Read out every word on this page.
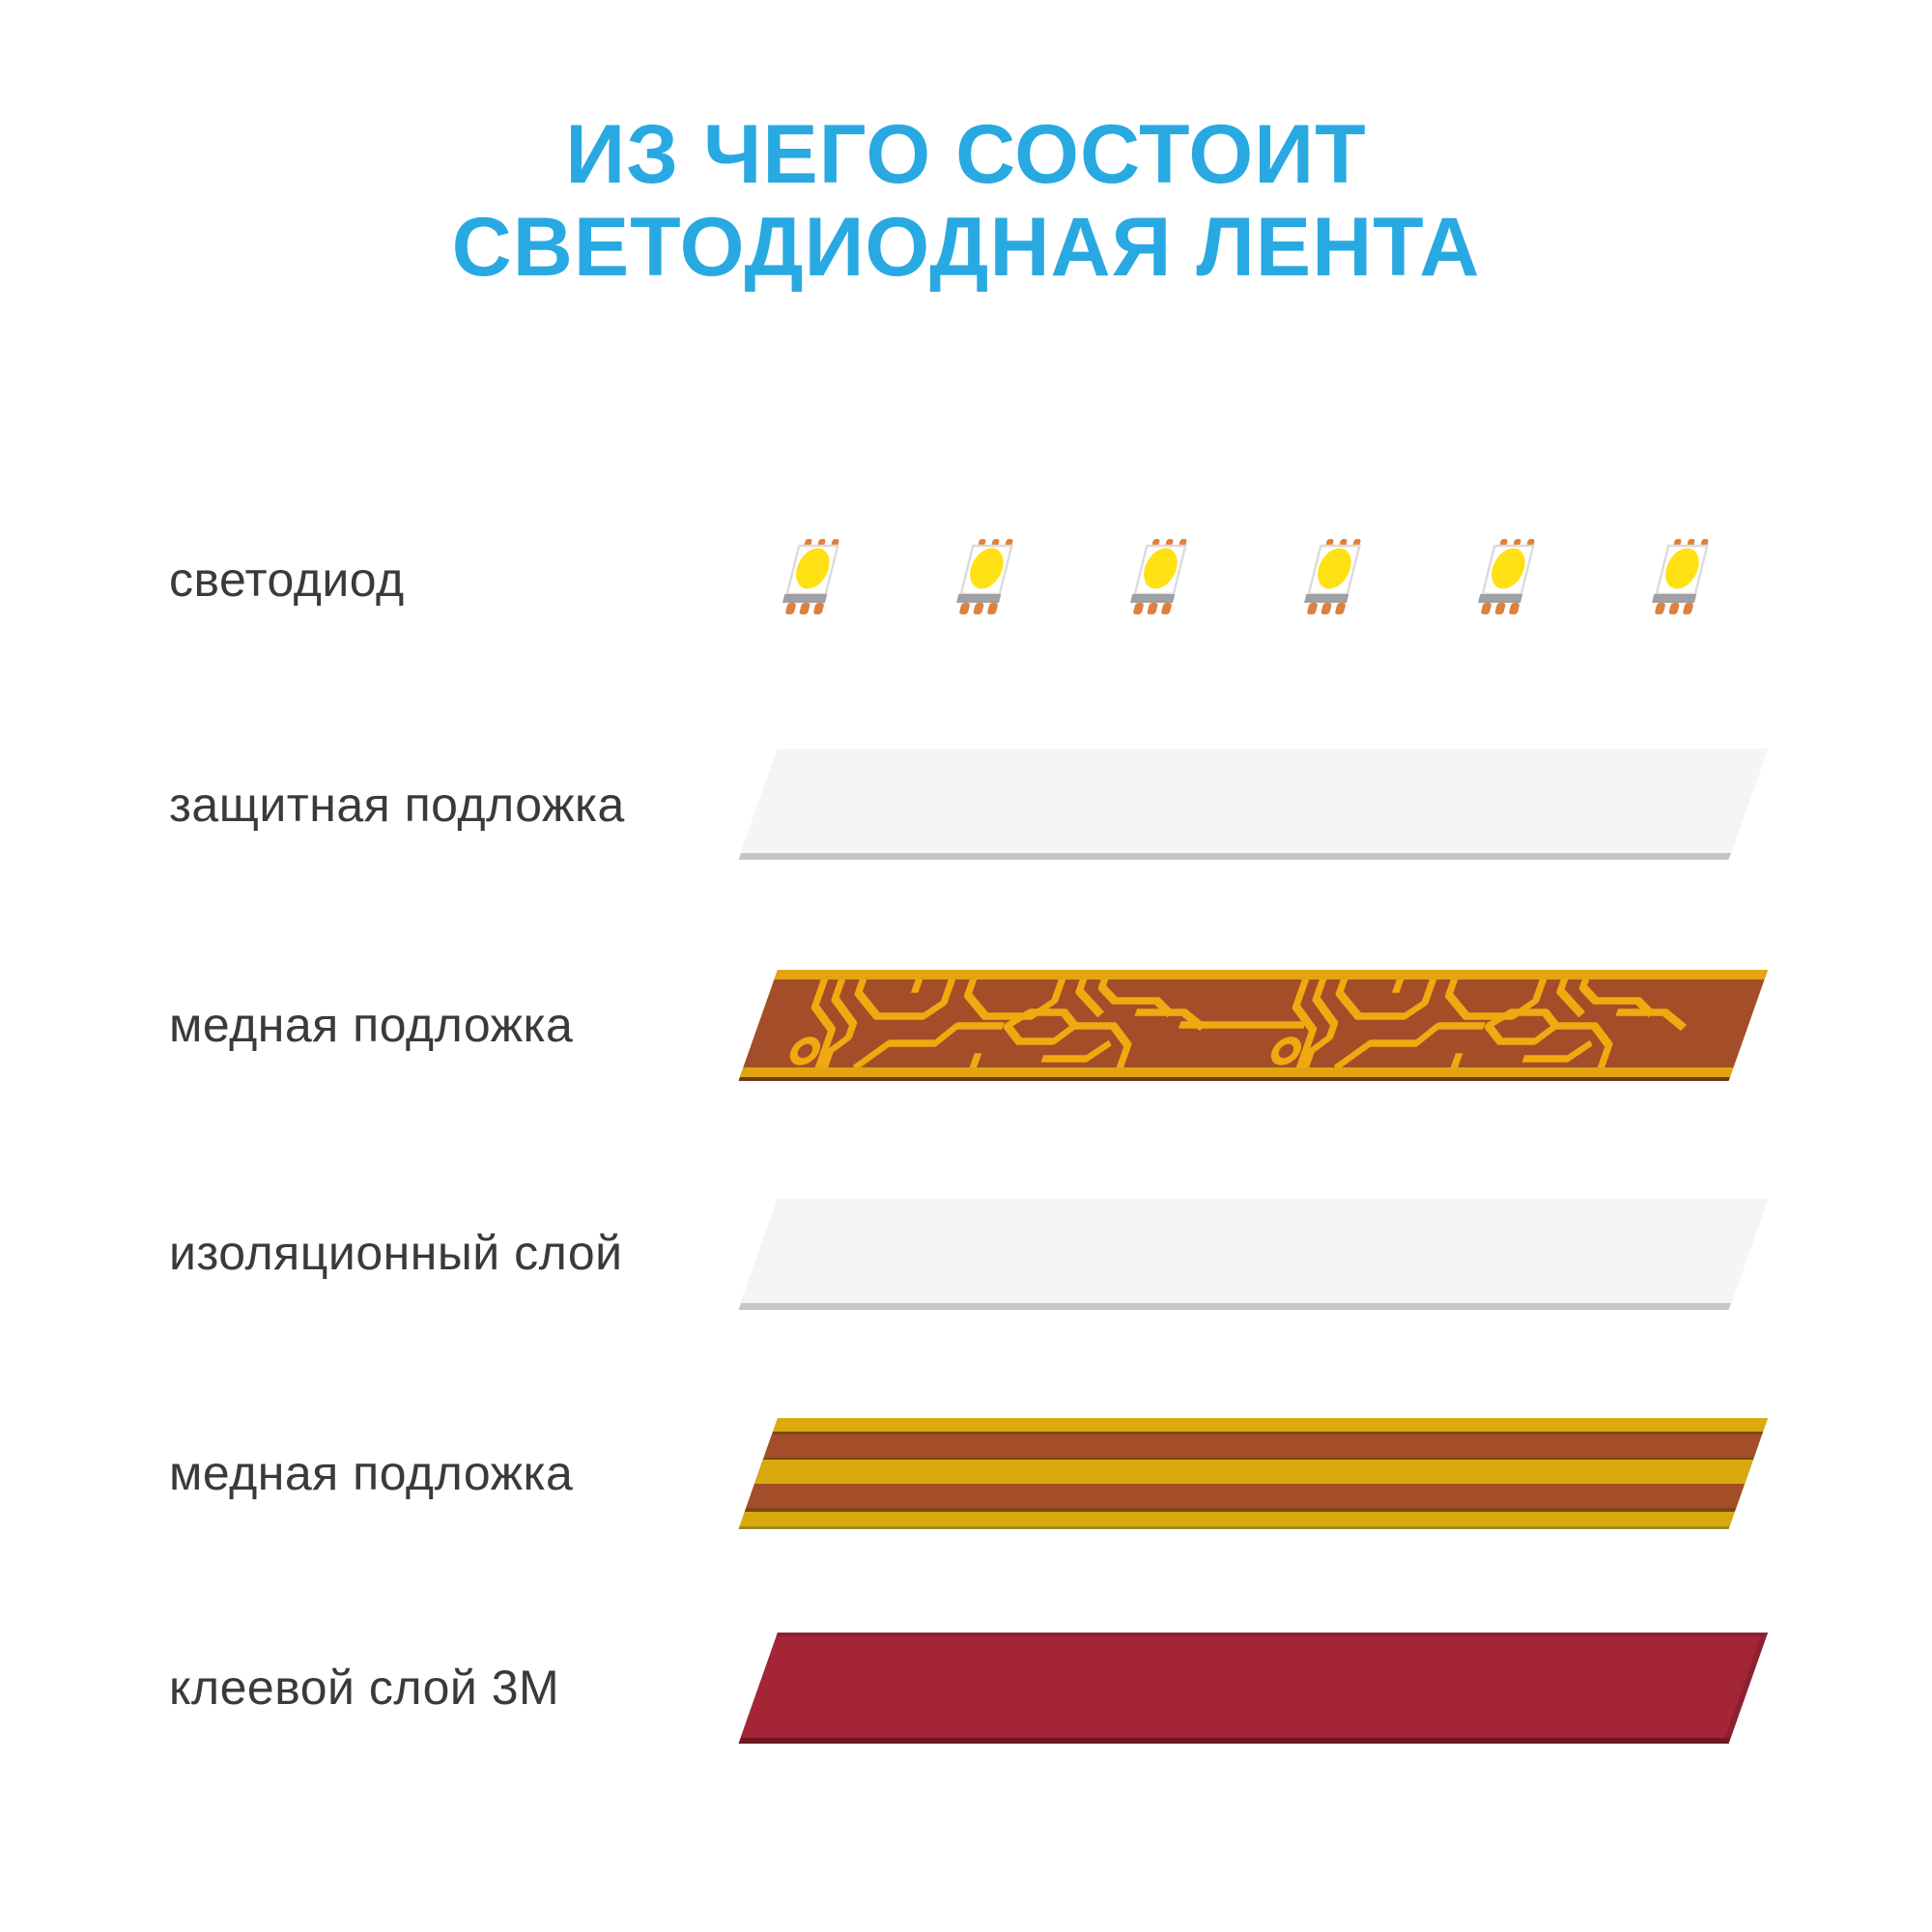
ИЗ ЧЕГО СОСТОИТ
СВЕТОДИОДНАЯ ЛЕНТА
светодиод
защитная подложка
медная подложка
изоляционный слой
медная подложка
клеевой слой 3М
